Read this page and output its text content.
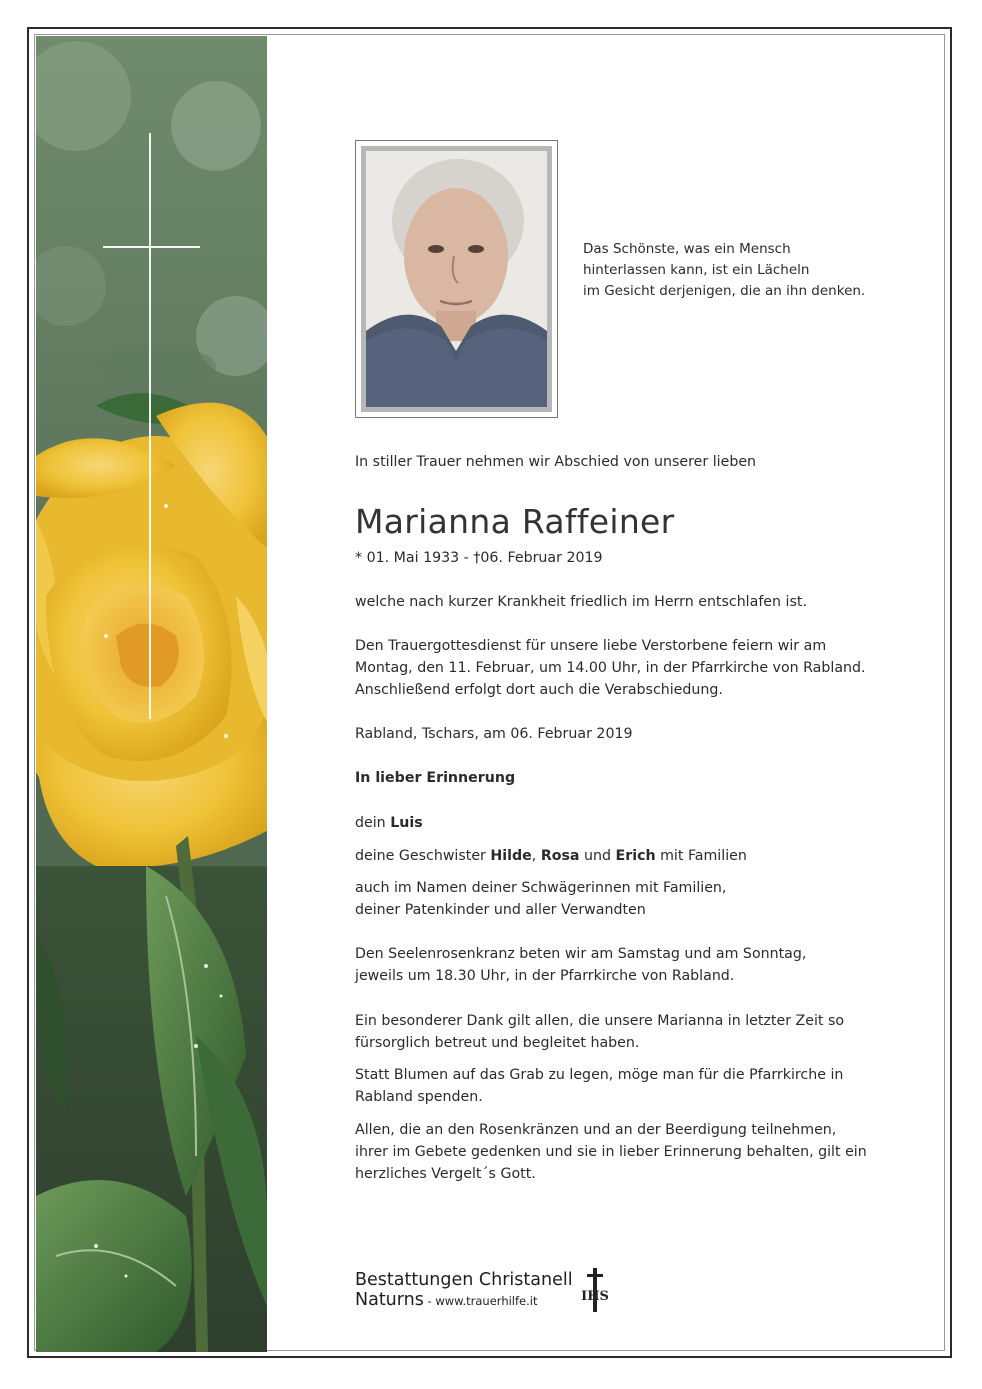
Das Schönste, was ein Mensch
hinterlassen kann, ist ein Lächeln
im Gesicht derjenigen, die an ihn denken.
In stiller Trauer nehmen wir Abschied von unserer lieben
Marianna Raffeiner
* 01. Mai 1933 - †06. Februar 2019
welche nach kurzer Krankheit friedlich im Herrn entschlafen ist.
Den Trauergottesdienst für unsere liebe Verstorbene feiern wir am
Montag, den 11. Februar, um 14.00 Uhr, in der Pfarrkirche von Rabland.
Anschließend erfolgt dort auch die Verabschiedung.
Rabland, Tschars, am 06. Februar 2019
In lieber Erinnerung
dein Luis
deine Geschwister Hilde, Rosa und Erich mit Familien
auch im Namen deiner Schwägerinnen mit Familien,
deiner Patenkinder und aller Verwandten
Den Seelenrosenkranz beten wir am Samstag und am Sonntag,
jeweils um 18.30 Uhr, in der Pfarrkirche von Rabland.
Ein besonderer Dank gilt allen, die unsere Marianna in letzter Zeit so
fürsorglich betreut und begleitet haben.
Statt Blumen auf das Grab zu legen, möge man für die Pfarrkirche in
Rabland spenden.
Allen, die an den Rosenkränzen und an der Beerdigung teilnehmen,
ihrer im Gebete gedenken und sie in lieber Erinnerung behalten, gilt ein
herzliches Vergelt´s Gott.
Bestattungen Christanell
Naturns - www.trauerhilfe.it	IHS
